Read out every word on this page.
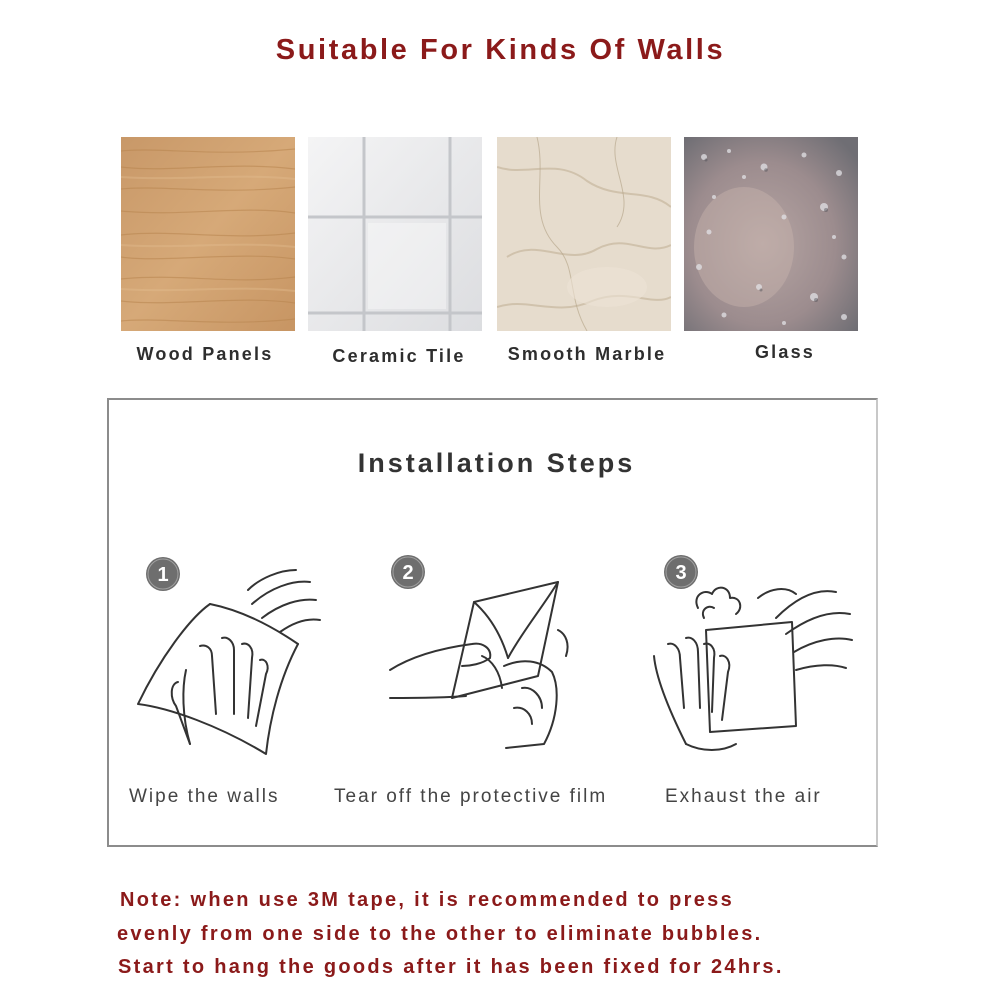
Suitable For Kinds Of Walls
Wood Panels	Ceramic Tile	Smooth Marble	Glass
Installation Steps
1
Wipe the walls
2
Tear off the protective film
3
Exhaust the air
Note: when use 3M tape, it is recommended to press
evenly from one side to the other to eliminate bubbles.
Start to hang the goods after it has been fixed for 24hrs.
